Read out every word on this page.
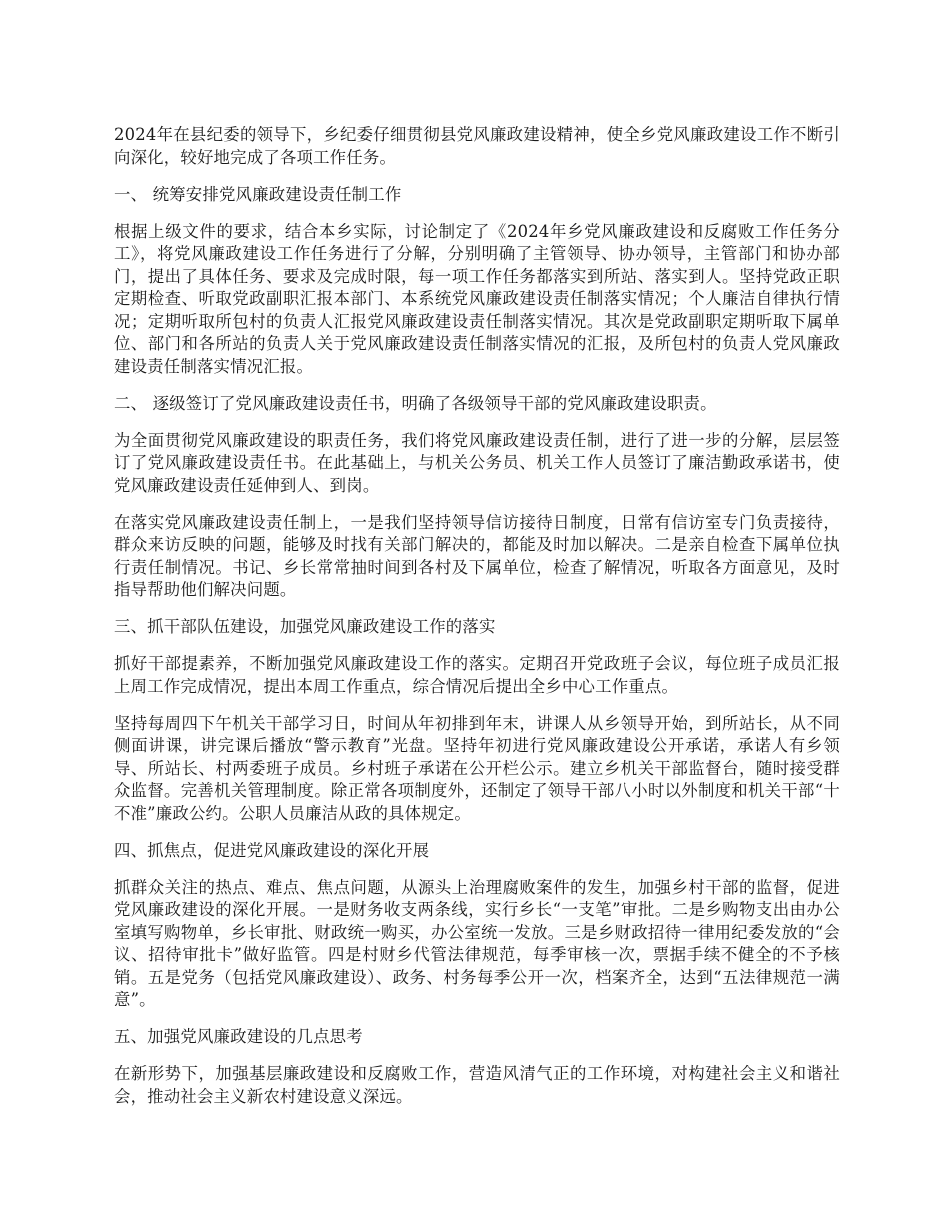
2024年在县纪委的领导下，乡纪委仔细贯彻县党风廉政建设精神，使全乡党风廉政建设工作不断引向深化，较好地完成了各项工作任务。

一、 统筹安排党风廉政建设责任制工作

根据上级文件的要求，结合本乡实际，讨论制定了《2024年乡党风廉政建设和反腐败工作任务分工》，将党风廉政建设工作任务进行了分解，分别明确了主管领导、协办领导，主管部门和协办部门，提出了具体任务、要求及完成时限，每一项工作任务都落实到所站、落实到人。坚持党政正职定期检查、听取党政副职汇报本部门、本系统党风廉政建设责任制落实情况；个人廉洁自律执行情况；定期听取所包村的负责人汇报党风廉政建设责任制落实情况。其次是党政副职定期听取下属单位、部门和各所站的负责人关于党风廉政建设责任制落实情况的汇报，及所包村的负责人党风廉政建设责任制落实情况汇报。

二、 逐级签订了党风廉政建设责任书，明确了各级领导干部的党风廉政建设职责。

为全面贯彻党风廉政建设的职责任务，我们将党风廉政建设责任制，进行了进一步的分解，层层签订了党风廉政建设责任书。在此基础上，与机关公务员、机关工作人员签订了廉洁勤政承诺书，使党风廉政建设责任延伸到人、到岗。

在落实党风廉政建设责任制上，一是我们坚持领导信访接待日制度，日常有信访室专门负责接待，群众来访反映的问题，能够及时找有关部门解决的，都能及时加以解决。二是亲自检查下属单位执行责任制情况。书记、乡长常常抽时间到各村及下属单位，检查了解情况，听取各方面意见，及时指导帮助他们解决问题。

三、抓干部队伍建设，加强党风廉政建设工作的落实

抓好干部提素养，不断加强党风廉政建设工作的落实。定期召开党政班子会议，每位班子成员汇报上周工作完成情况，提出本周工作重点，综合情况后提出全乡中心工作重点。

坚持每周四下午机关干部学习日，时间从年初排到年末，讲课人从乡领导开始，到所站长，从不同侧面讲课，讲完课后播放“警示教育”光盘。坚持年初进行党风廉政建设公开承诺，承诺人有乡领导、所站长、村两委班子成员。乡村班子承诺在公开栏公示。建立乡机关干部监督台，随时接受群众监督。完善机关管理制度。除正常各项制度外，还制定了领导干部八小时以外制度和机关干部“十不准”廉政公约。公职人员廉洁从政的具体规定。

四、抓焦点，促进党风廉政建设的深化开展

抓群众关注的热点、难点、焦点问题，从源头上治理腐败案件的发生，加强乡村干部的监督，促进党风廉政建设的深化开展。一是财务收支两条线，实行乡长“一支笔”审批。二是乡购物支出由办公室填写购物单，乡长审批、财政统一购买，办公室统一发放。三是乡财政招待一律用纪委发放的“会议、招待审批卡”做好监管。四是村财乡代管法律规范，每季审核一次，票据手续不健全的不予核销。五是党务（包括党风廉政建设）、政务、村务每季公开一次，档案齐全，达到“五法律规范一满意”。

五、加强党风廉政建设的几点思考

在新形势下，加强基层廉政建设和反腐败工作，营造风清气正的工作环境，对构建社会主义和谐社会，推动社会主义新农村建设意义深远。
